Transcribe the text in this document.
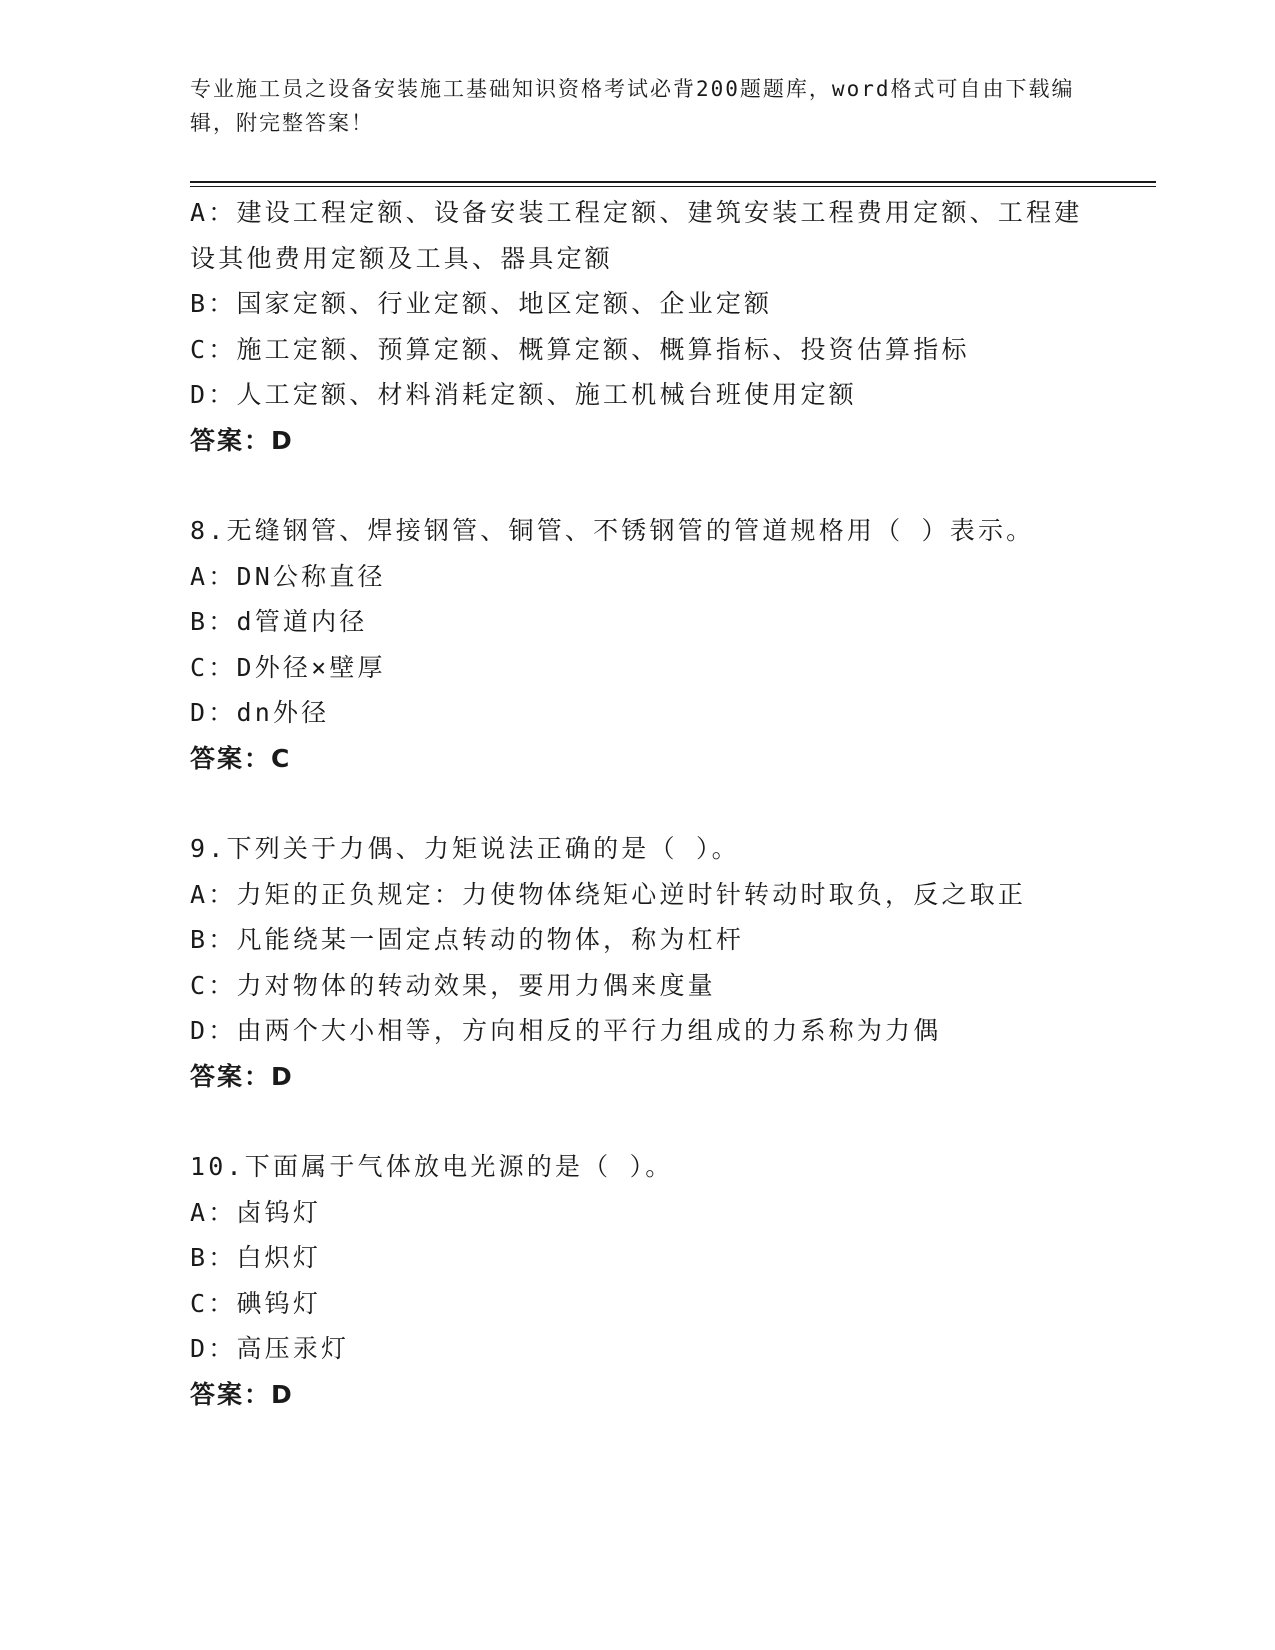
专业施工员之设备安装施工基础知识资格考试必背200题题库，word格式可自由下载编辑，附完整答案！
A：建设工程定额、设备安装工程定额、建筑安装工程费用定额、工程建设其他费用定额及工具、器具定额
B：国家定额、行业定额、地区定额、企业定额
C：施工定额、预算定额、概算定额、概算指标、投资估算指标
D：人工定额、材料消耗定额、施工机械台班使用定额
答案：D
8.无缝钢管、焊接钢管、铜管、不锈钢管的管道规格用（ ）表示。
A：DN公称直径
B：d管道内径
C：D外径×壁厚
D：dn外径
答案：C
9.下列关于力偶、力矩说法正确的是（ ）。
A：力矩的正负规定：力使物体绕矩心逆时针转动时取负，反之取正
B：凡能绕某一固定点转动的物体，称为杠杆
C：力对物体的转动效果，要用力偶来度量
D：由两个大小相等，方向相反的平行力组成的力系称为力偶
答案：D
10.下面属于气体放电光源的是（ ）。
A：卤钨灯
B：白炽灯
C：碘钨灯
D：高压汞灯
答案：D
